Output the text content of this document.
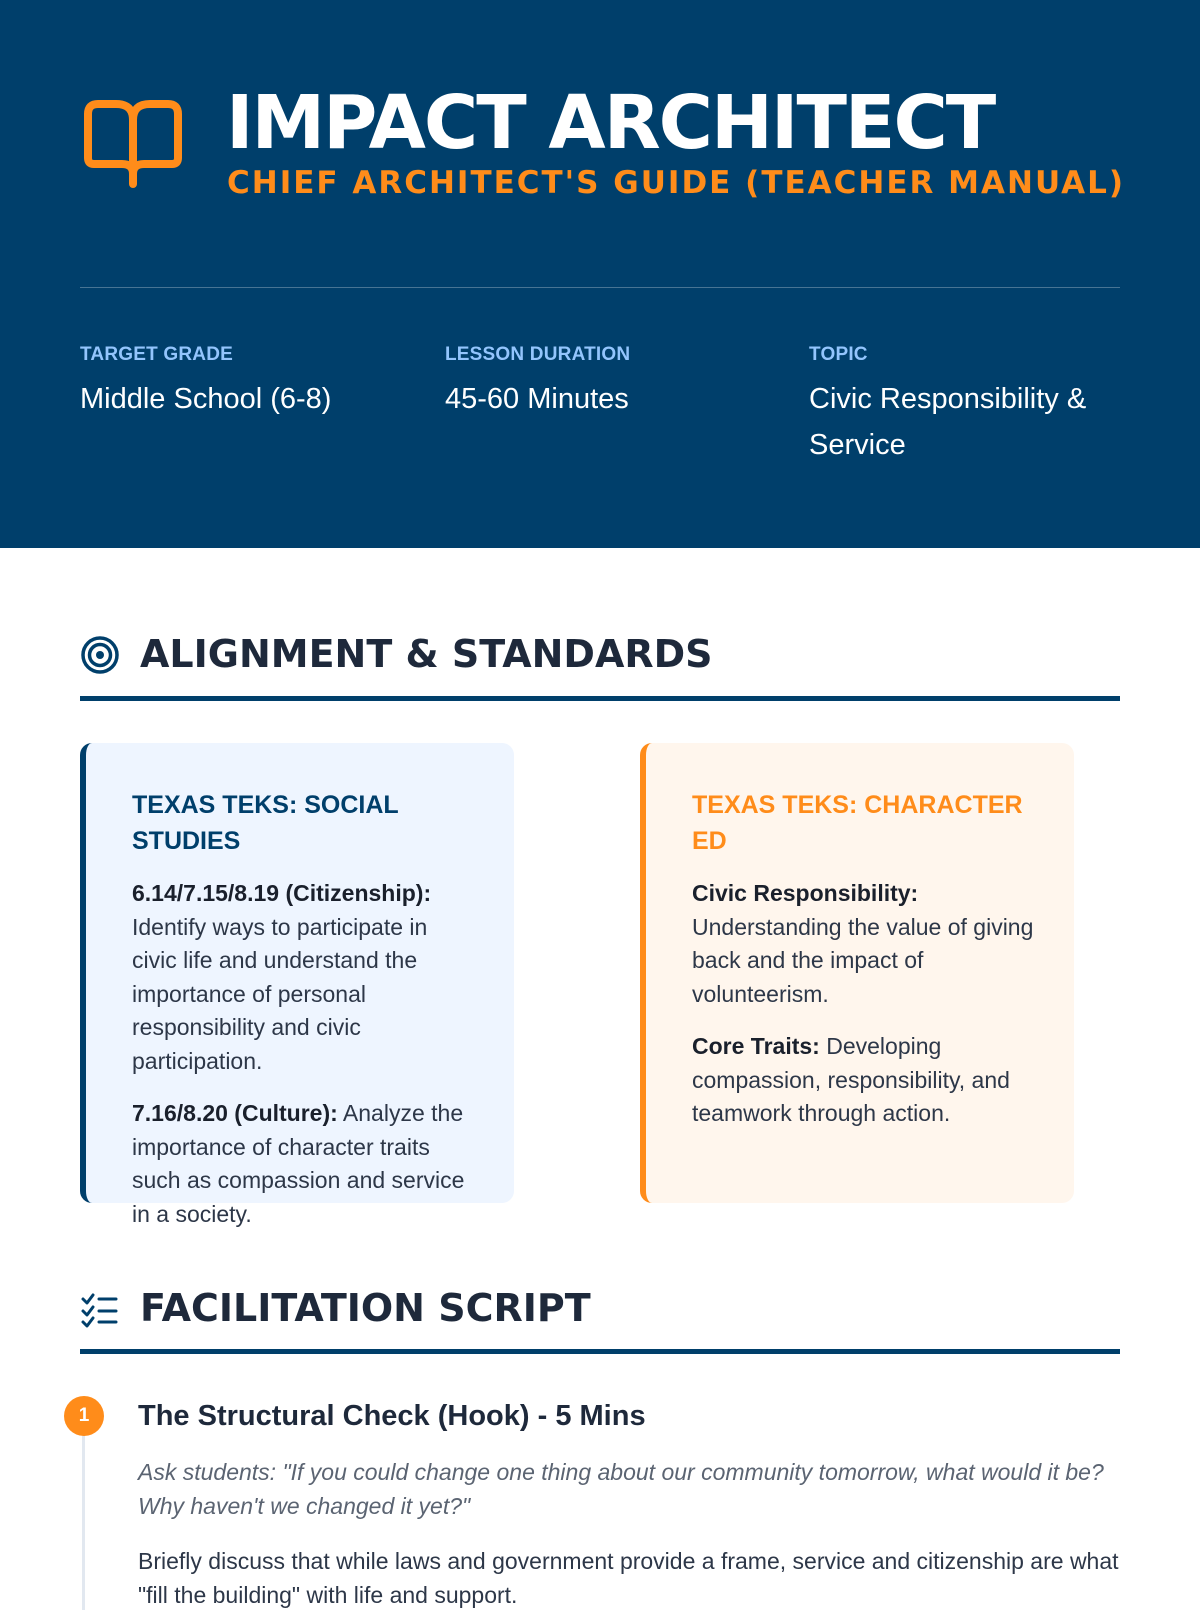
IMPACT ARCHITECT
CHIEF ARCHITECT'S GUIDE (TEACHER MANUAL)
TARGET GRADE
Middle School (6-8)
LESSON DURATION
45-60 Minutes
TOPIC
Civic Responsibility & Service
ALIGNMENT & STANDARDS
TEXAS TEKS: SOCIAL STUDIES

6.14/7.15/8.19 (Citizenship): Identify ways to participate in civic life and understand the importance of personal responsibility and civic participation.

7.16/8.20 (Culture): Analyze the importance of character traits such as compassion and service in a society.

TEXAS TEKS: CHARACTER ED

Civic Responsibility: Understanding the value of giving back and the impact of volunteerism.

Core Traits: Developing compassion, responsibility, and teamwork through action.

FACILITATION SCRIPT
1	The Structural Check (Hook) - 5 Mins

Ask students: "If you could change one thing about our community tomorrow, what would it be? Why haven't we changed it yet?"

Briefly discuss that while laws and government provide a frame, service and citizenship are what "fill the building" with life and support.
